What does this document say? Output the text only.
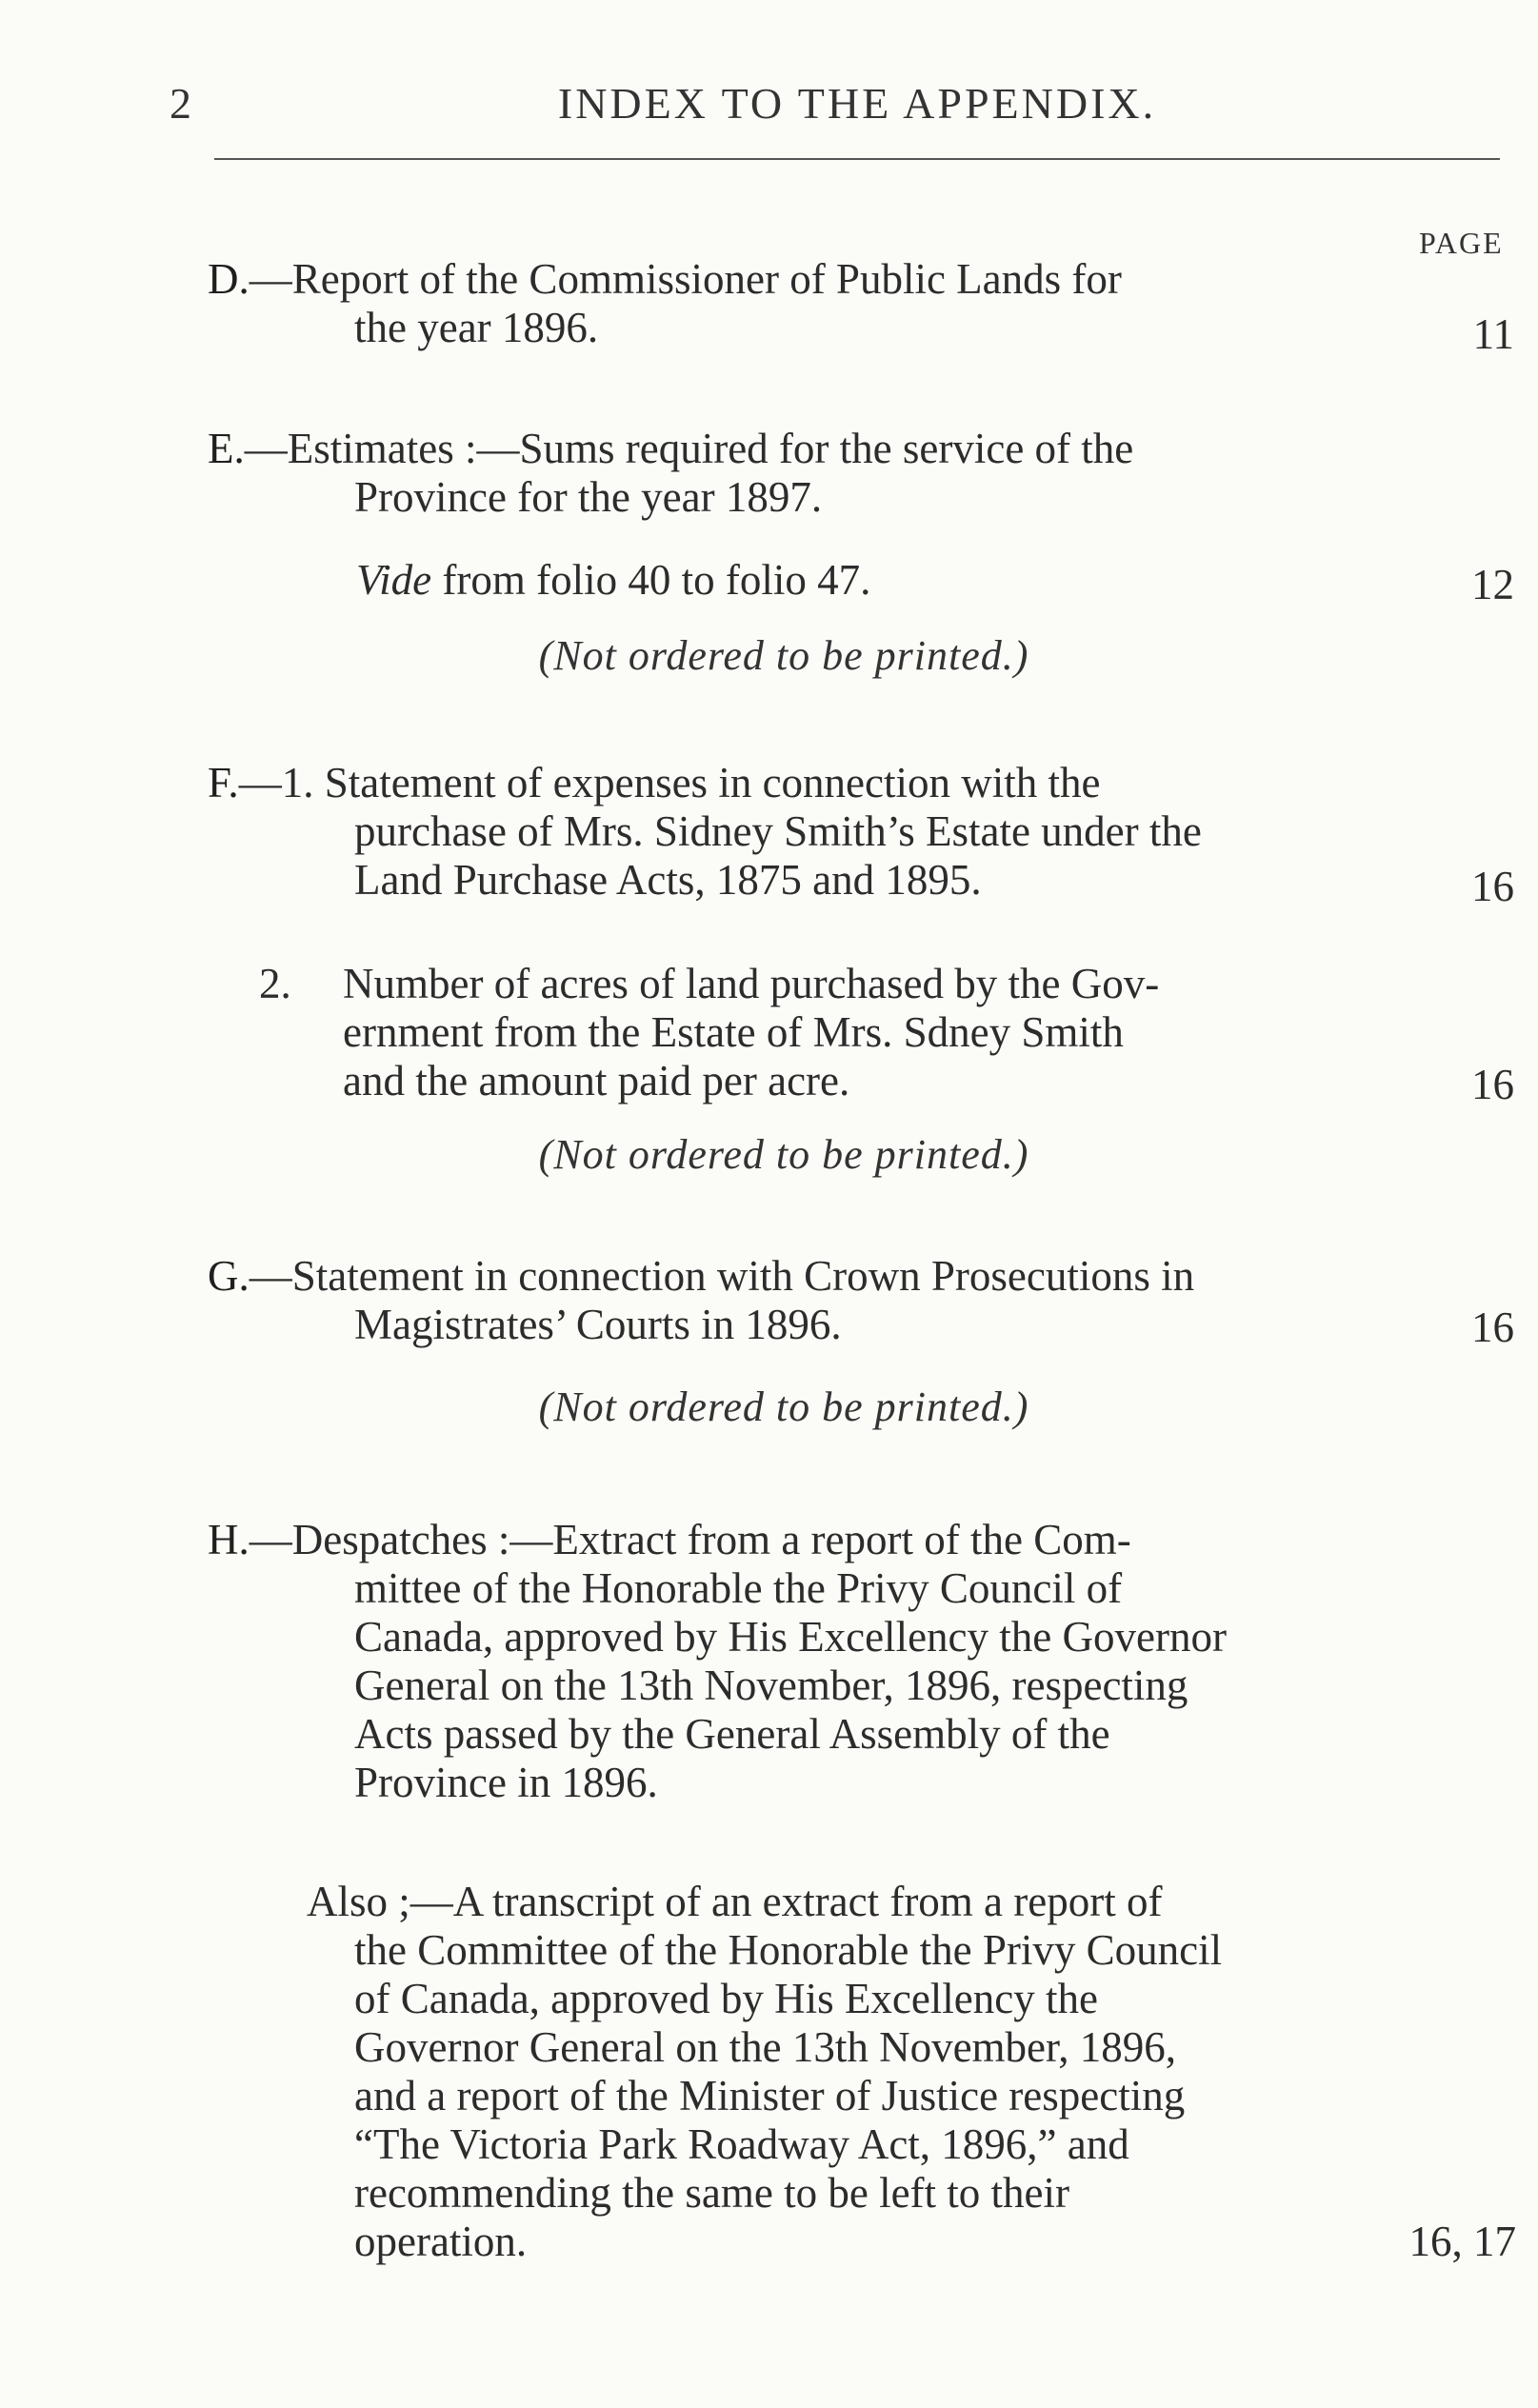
2	INDEX TO THE APPENDIX.
PAGE
D.—Report of the Commissioner of Public Lands for
the year 1896.	11
E.—Estimates :—Sums required for the service of the
Province for the year 1897.
Vide from folio 40 to folio 47.	12
(Not ordered to be printed.)
F.—1. Statement of expenses in connection with the
purchase of Mrs. Sidney Smith’s Estate under the
Land Purchase Acts, 1875 and 1895.	16
2. Number of acres of land purchased by the Gov-
ernment from the Estate of Mrs. Sdney Smith
and the amount paid per acre.	16
(Not ordered to be printed.)
G.—Statement in connection with Crown Prosecutions in
Magistrates’ Courts in 1896.	16
(Not ordered to be printed.)
H.—Despatches :—Extract from a report of the Com-
mittee of the Honorable the Privy Council of
Canada, approved by His Excellency the Governor
General on the 13th November, 1896, respecting
Acts passed by the General Assembly of the
Province in 1896.
Also ;—A transcript of an extract from a report of
the Committee of the Honorable the Privy Council
of Canada, approved by His Excellency the
Governor General on the 13th November, 1896,
and a report of the Minister of Justice respecting
“The Victoria Park Roadway Act, 1896,” and
recommending the same to be left to their
operation.	16, 17
